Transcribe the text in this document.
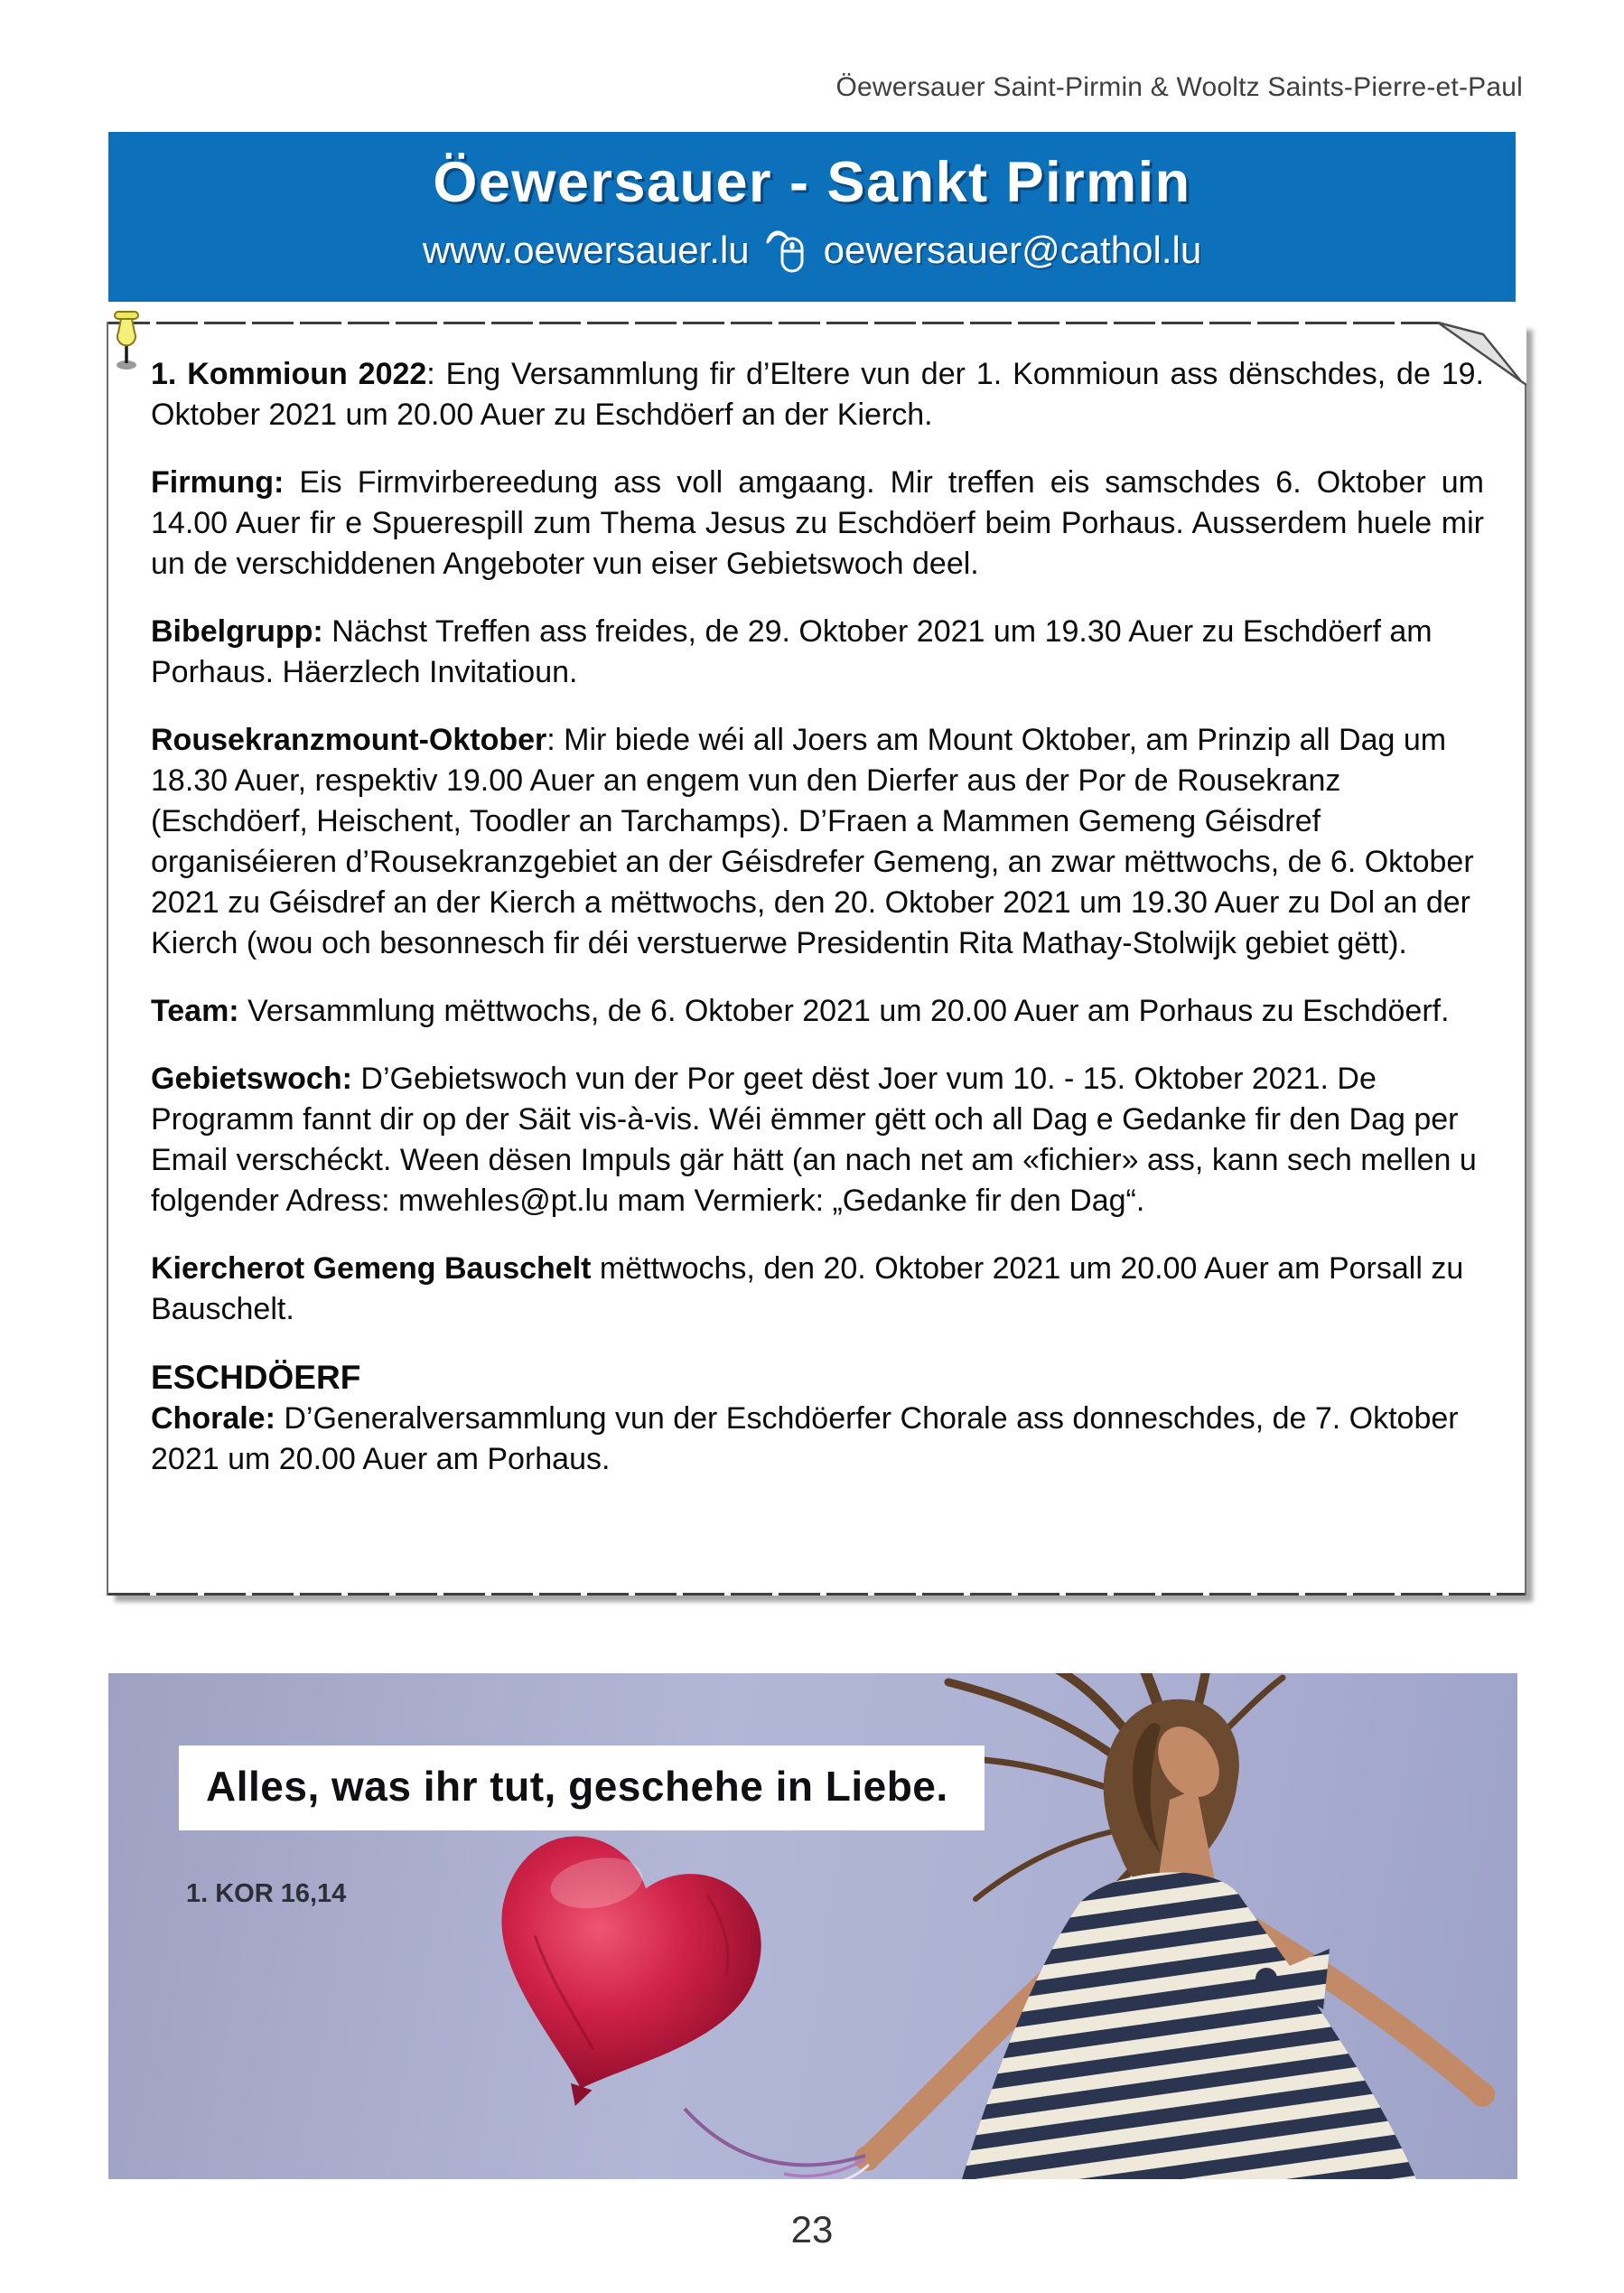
Öewersauer Saint-Pirmin & Wooltz Saints-Pierre-et-Paul
Öewersauer - Sankt Pirmin
www.oewersauer.lu oewersauer@cathol.lu

1. Kommioun 2022: Eng Versammlung fir d’Eltere vun der 1. Kommioun ass dënschdes, de 19. Oktober 2021 um 20.00 Auer zu Eschdöerf an der Kierch.

Firmung: Eis Firmvirbereedung ass voll amgaang. Mir treffen eis samschdes 6. Oktober um 14.00 Auer fir e Spuerespill zum Thema Jesus zu Eschdöerf beim Porhaus. Ausserdem huele mir un de verschiddenen Angeboter vun eiser Gebietswoch deel.

Bibelgrupp: Nächst Treffen ass freides, de 29. Oktober 2021 um 19.30 Auer zu Eschdöerf am Porhaus. Häerzlech Invitatioun.

Rousekranzmount-Oktober: Mir biede wéi all Joers am Mount Oktober, am Prinzip all Dag um 18.30 Auer, respektiv 19.00 Auer an engem vun den Dierfer aus der Por de Rousekranz (Eschdöerf, Heischent, Toodler an Tarchamps). D’Fraen a Mammen Gemeng Géisdref organiséieren d’Rousekranzgebiet an der Géisdrefer Gemeng, an zwar mëttwochs, de 6. Oktober 2021 zu Géisdref an der Kierch a mëttwochs, den 20. Oktober 2021 um 19.30 Auer zu Dol an der Kierch (wou och besonnesch fir déi verstuerwe Presidentin Rita Mathay-Stolwijk gebiet gëtt).

Team: Versammlung mëttwochs, de 6. Oktober 2021 um 20.00 Auer am Porhaus zu Eschdöerf.

Gebietswoch: D’Gebietswoch vun der Por geet dëst Joer vum 10. - 15. Oktober 2021. De Programm fannt dir op der Säit vis-à-vis. Wéi ëmmer gëtt och all Dag e Gedanke fir den Dag per Email verschéckt. Ween dësen Impuls gär hätt (an nach net am «fichier» ass, kann sech mellen u folgender Adress: mwehles@pt.lu mam Vermierk: „Gedanke fir den Dag“.

Kiercherot Gemeng Bauschelt mëttwochs, den 20. Oktober 2021 um 20.00 Auer am Porsall zu Bauschelt.

ESCHDÖERF

Chorale: D’Generalversammlung vun der Eschdöerfer Chorale ass donneschdes, de 7. Oktober 2021 um 20.00 Auer am Porhaus.

Alles, was ihr tut, geschehe in Liebe.
1. KOR 16,14
23
